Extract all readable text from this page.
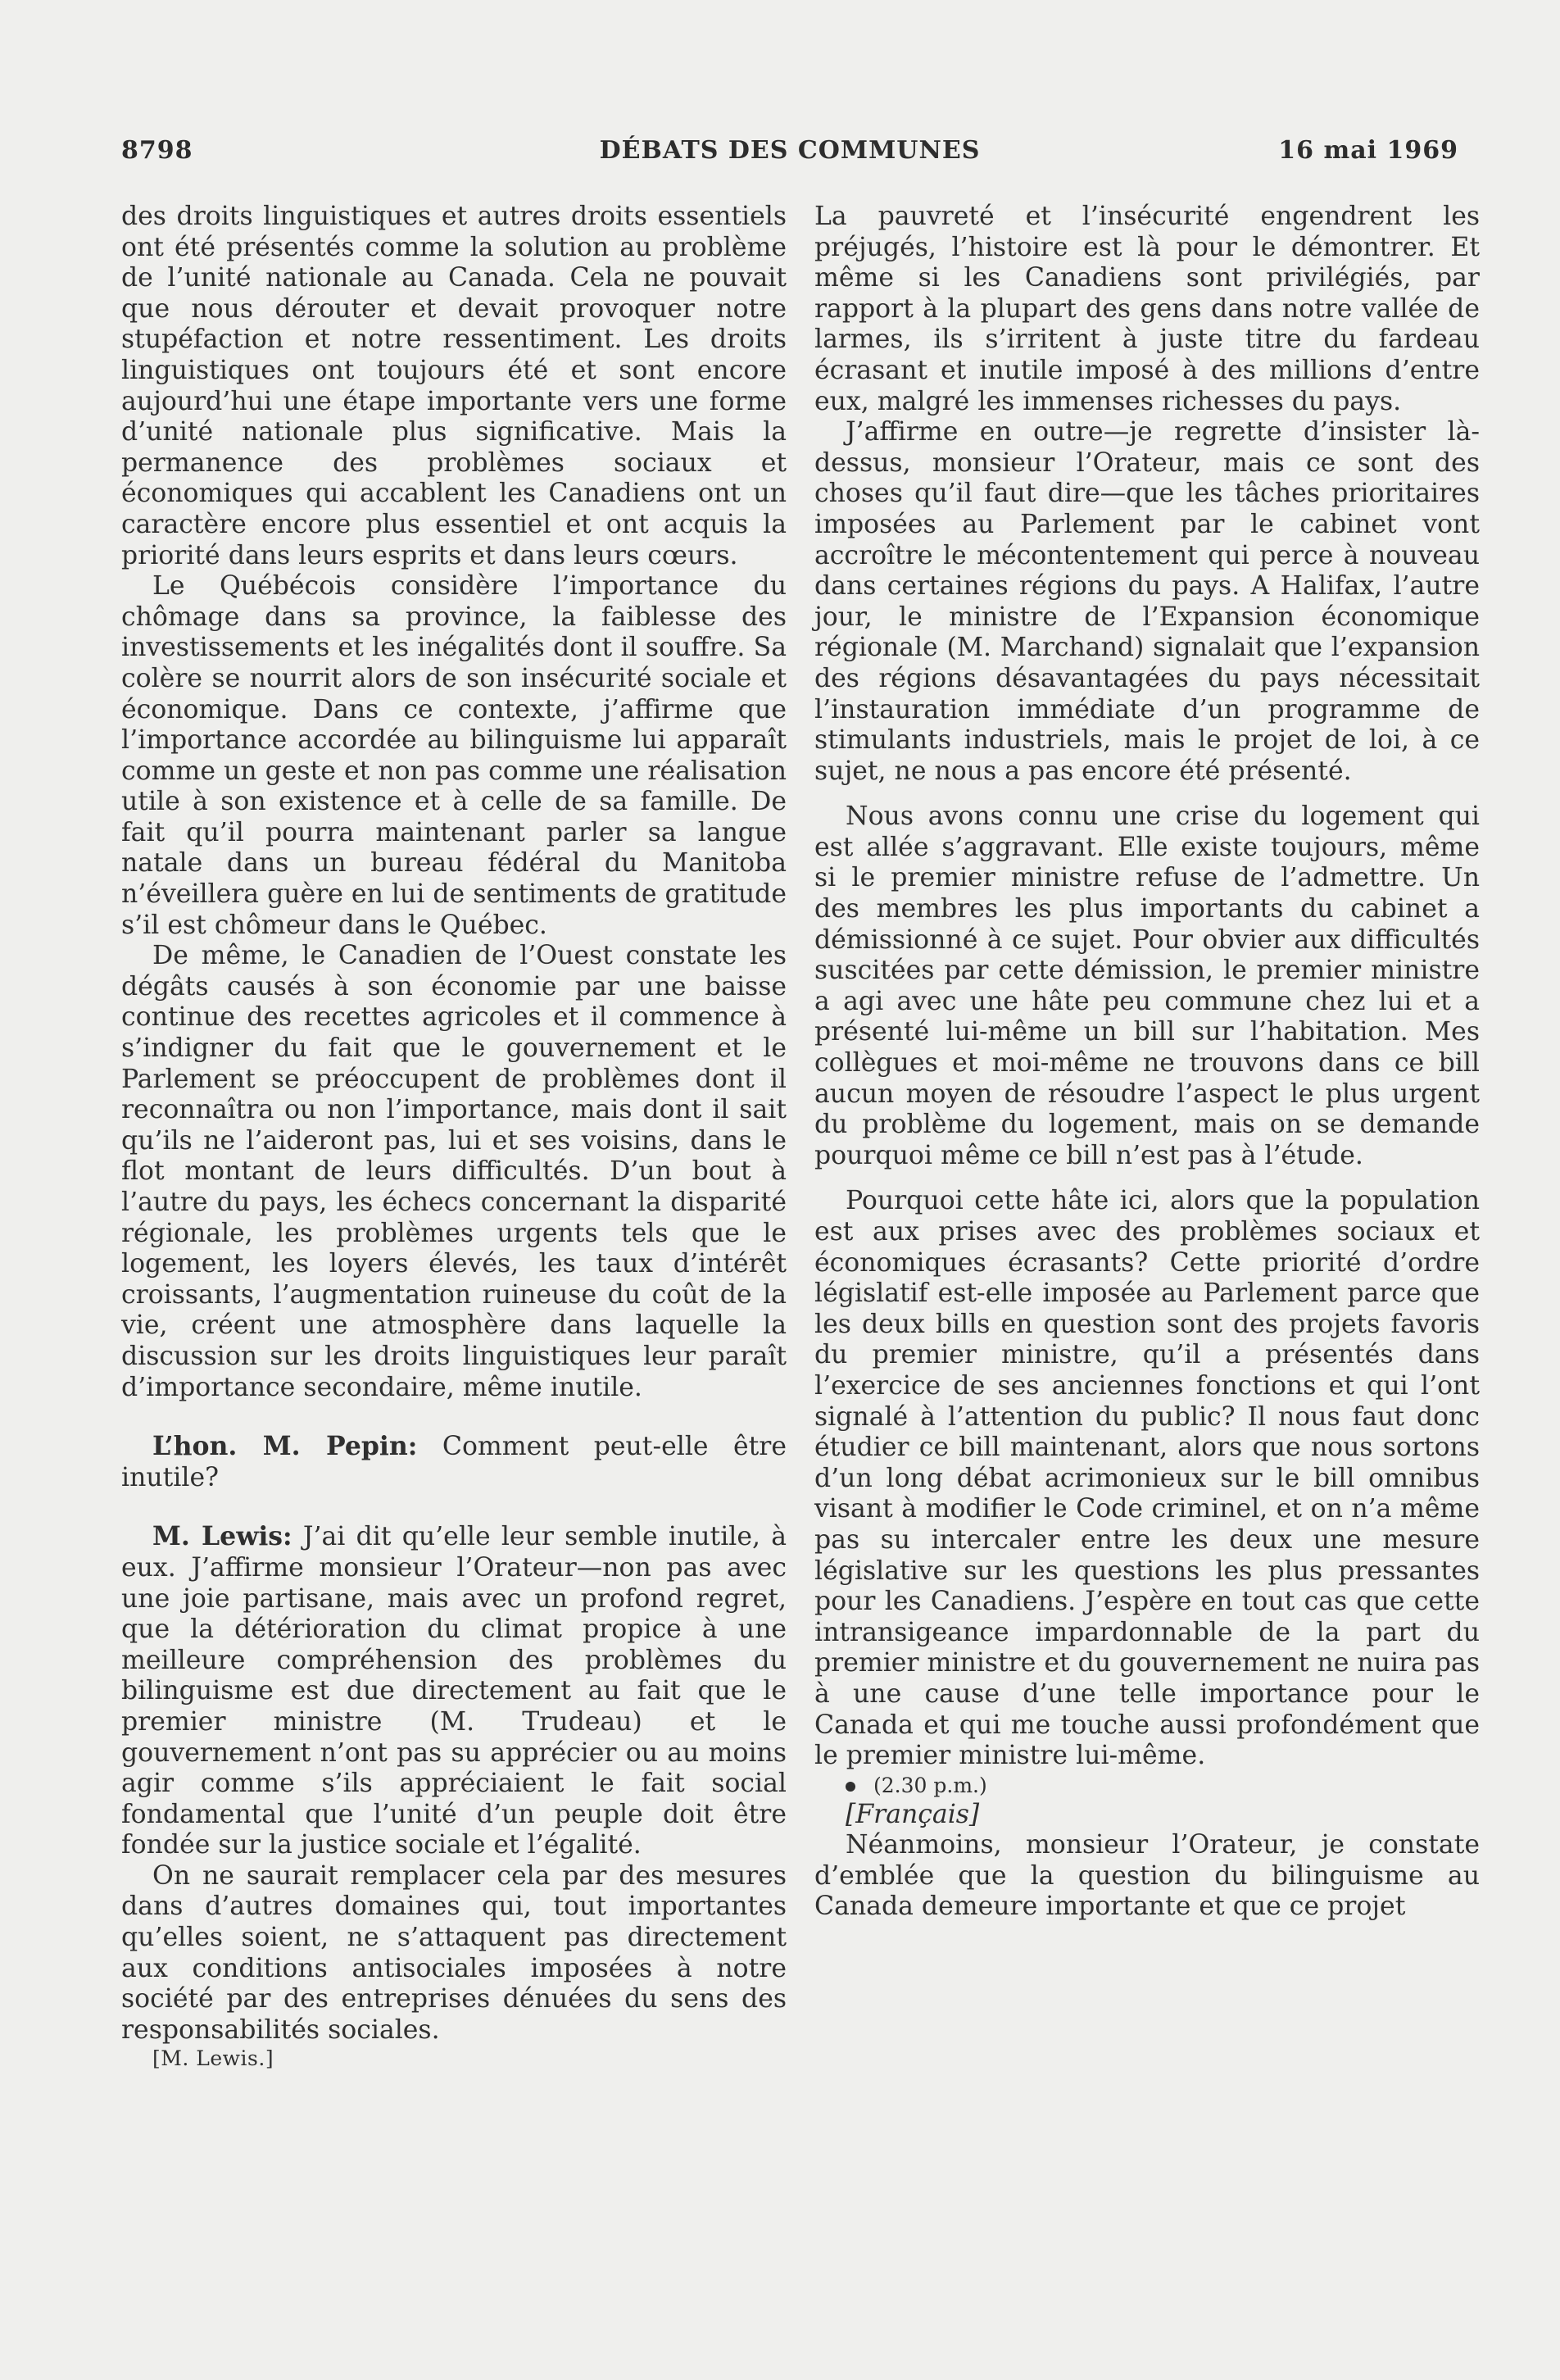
8798	DÉBATS DES COMMUNES	16 mai 1969

des droits linguistiques et autres droits essentiels ont été présentés comme la solution au problème de l’unité nationale au Canada. Cela ne pouvait que nous dérouter et devait provoquer notre stupéfaction et notre ressentiment. Les droits linguistiques ont toujours été et sont encore aujourd’hui une étape importante vers une forme d’unité nationale plus significative. Mais la permanence des problèmes sociaux et économiques qui accablent les Canadiens ont un caractère encore plus essentiel et ont acquis la priorité dans leurs esprits et dans leurs cœurs.

Le Québécois considère l’importance du chômage dans sa province, la faiblesse des investissements et les inégalités dont il souffre. Sa colère se nourrit alors de son insécurité sociale et économique. Dans ce contexte, j’affirme que l’importance accordée au bilinguisme lui apparaît comme un geste et non pas comme une réalisation utile à son existence et à celle de sa famille. De fait qu’il pourra maintenant parler sa langue natale dans un bureau fédéral du Manitoba n’éveillera guère en lui de sentiments de gratitude s’il est chômeur dans le Québec.

De même, le Canadien de l’Ouest constate les dégâts causés à son économie par une baisse continue des recettes agricoles et il commence à s’indigner du fait que le gouvernement et le Parlement se préoccupent de problèmes dont il reconnaîtra ou non l’importance, mais dont il sait qu’ils ne l’aideront pas, lui et ses voisins, dans le flot montant de leurs difficultés. D’un bout à l’autre du pays, les échecs concernant la disparité régionale, les problèmes urgents tels que le logement, les loyers élevés, les taux d’intérêt croissants, l’augmentation ruineuse du coût de la vie, créent une atmosphère dans laquelle la discussion sur les droits linguistiques leur paraît d’importance secondaire, même inutile.

L’hon. M. Pepin: Comment peut-elle être inutile?

M. Lewis: J’ai dit qu’elle leur semble inutile, à eux. J’affirme monsieur l’Orateur—non pas avec une joie partisane, mais avec un profond regret, que la détérioration du climat propice à une meilleure compréhension des problèmes du bilinguisme est due directement au fait que le premier ministre (M. Trudeau) et le gouvernement n’ont pas su apprécier ou au moins agir comme s’ils appréciaient le fait social fondamental que l’unité d’un peuple doit être fondée sur la justice sociale et l’égalité.

On ne saurait remplacer cela par des mesures dans d’autres domaines qui, tout importantes qu’elles soient, ne s’attaquent pas directement aux conditions antisociales imposées à notre société par des entreprises dénuées du sens des responsabilités sociales.

[M. Lewis.]

La pauvreté et l’insécurité engendrent les préjugés, l’histoire est là pour le démontrer. Et même si les Canadiens sont privilégiés, par rapport à la plupart des gens dans notre vallée de larmes, ils s’irritent à juste titre du fardeau écrasant et inutile imposé à des millions d’entre eux, malgré les immenses richesses du pays.

J’affirme en outre—je regrette d’insister là-dessus, monsieur l’Orateur, mais ce sont des choses qu’il faut dire—que les tâches prioritaires imposées au Parlement par le cabinet vont accroître le mécontentement qui perce à nouveau dans certaines régions du pays. A Halifax, l’autre jour, le ministre de l’Expansion économique régionale (M. Marchand) signalait que l’expansion des régions désavantagées du pays nécessitait l’instauration immédiate d’un programme de stimulants industriels, mais le projet de loi, à ce sujet, ne nous a pas encore été présenté.

Nous avons connu une crise du logement qui est allée s’aggravant. Elle existe toujours, même si le premier ministre refuse de l’admettre. Un des membres les plus importants du cabinet a démissionné à ce sujet. Pour obvier aux difficultés suscitées par cette démission, le premier ministre a agi avec une hâte peu commune chez lui et a présenté lui-même un bill sur l’habitation. Mes collègues et moi-même ne trouvons dans ce bill aucun moyen de résoudre l’aspect le plus urgent du problème du logement, mais on se demande pourquoi même ce bill n’est pas à l’étude.

Pourquoi cette hâte ici, alors que la population est aux prises avec des problèmes sociaux et économiques écrasants? Cette priorité d’ordre législatif est-elle imposée au Parlement parce que les deux bills en question sont des projets favoris du premier ministre, qu’il a présentés dans l’exercice de ses anciennes fonctions et qui l’ont signalé à l’attention du public? Il nous faut donc étudier ce bill maintenant, alors que nous sortons d’un long débat acrimonieux sur le bill omnibus visant à modifier le Code criminel, et on n’a même pas su intercaler entre les deux une mesure législative sur les questions les plus pressantes pour les Canadiens. J’espère en tout cas que cette intransigeance impardonnable de la part du premier ministre et du gouvernement ne nuira pas à une cause d’une telle importance pour le Canada et qui me touche aussi profondément que le premier ministre lui-même.

(2.30 p.m.)

[Français]

Néanmoins, monsieur l’Orateur, je constate d’emblée que la question du bilinguisme au Canada demeure importante et que ce projet
